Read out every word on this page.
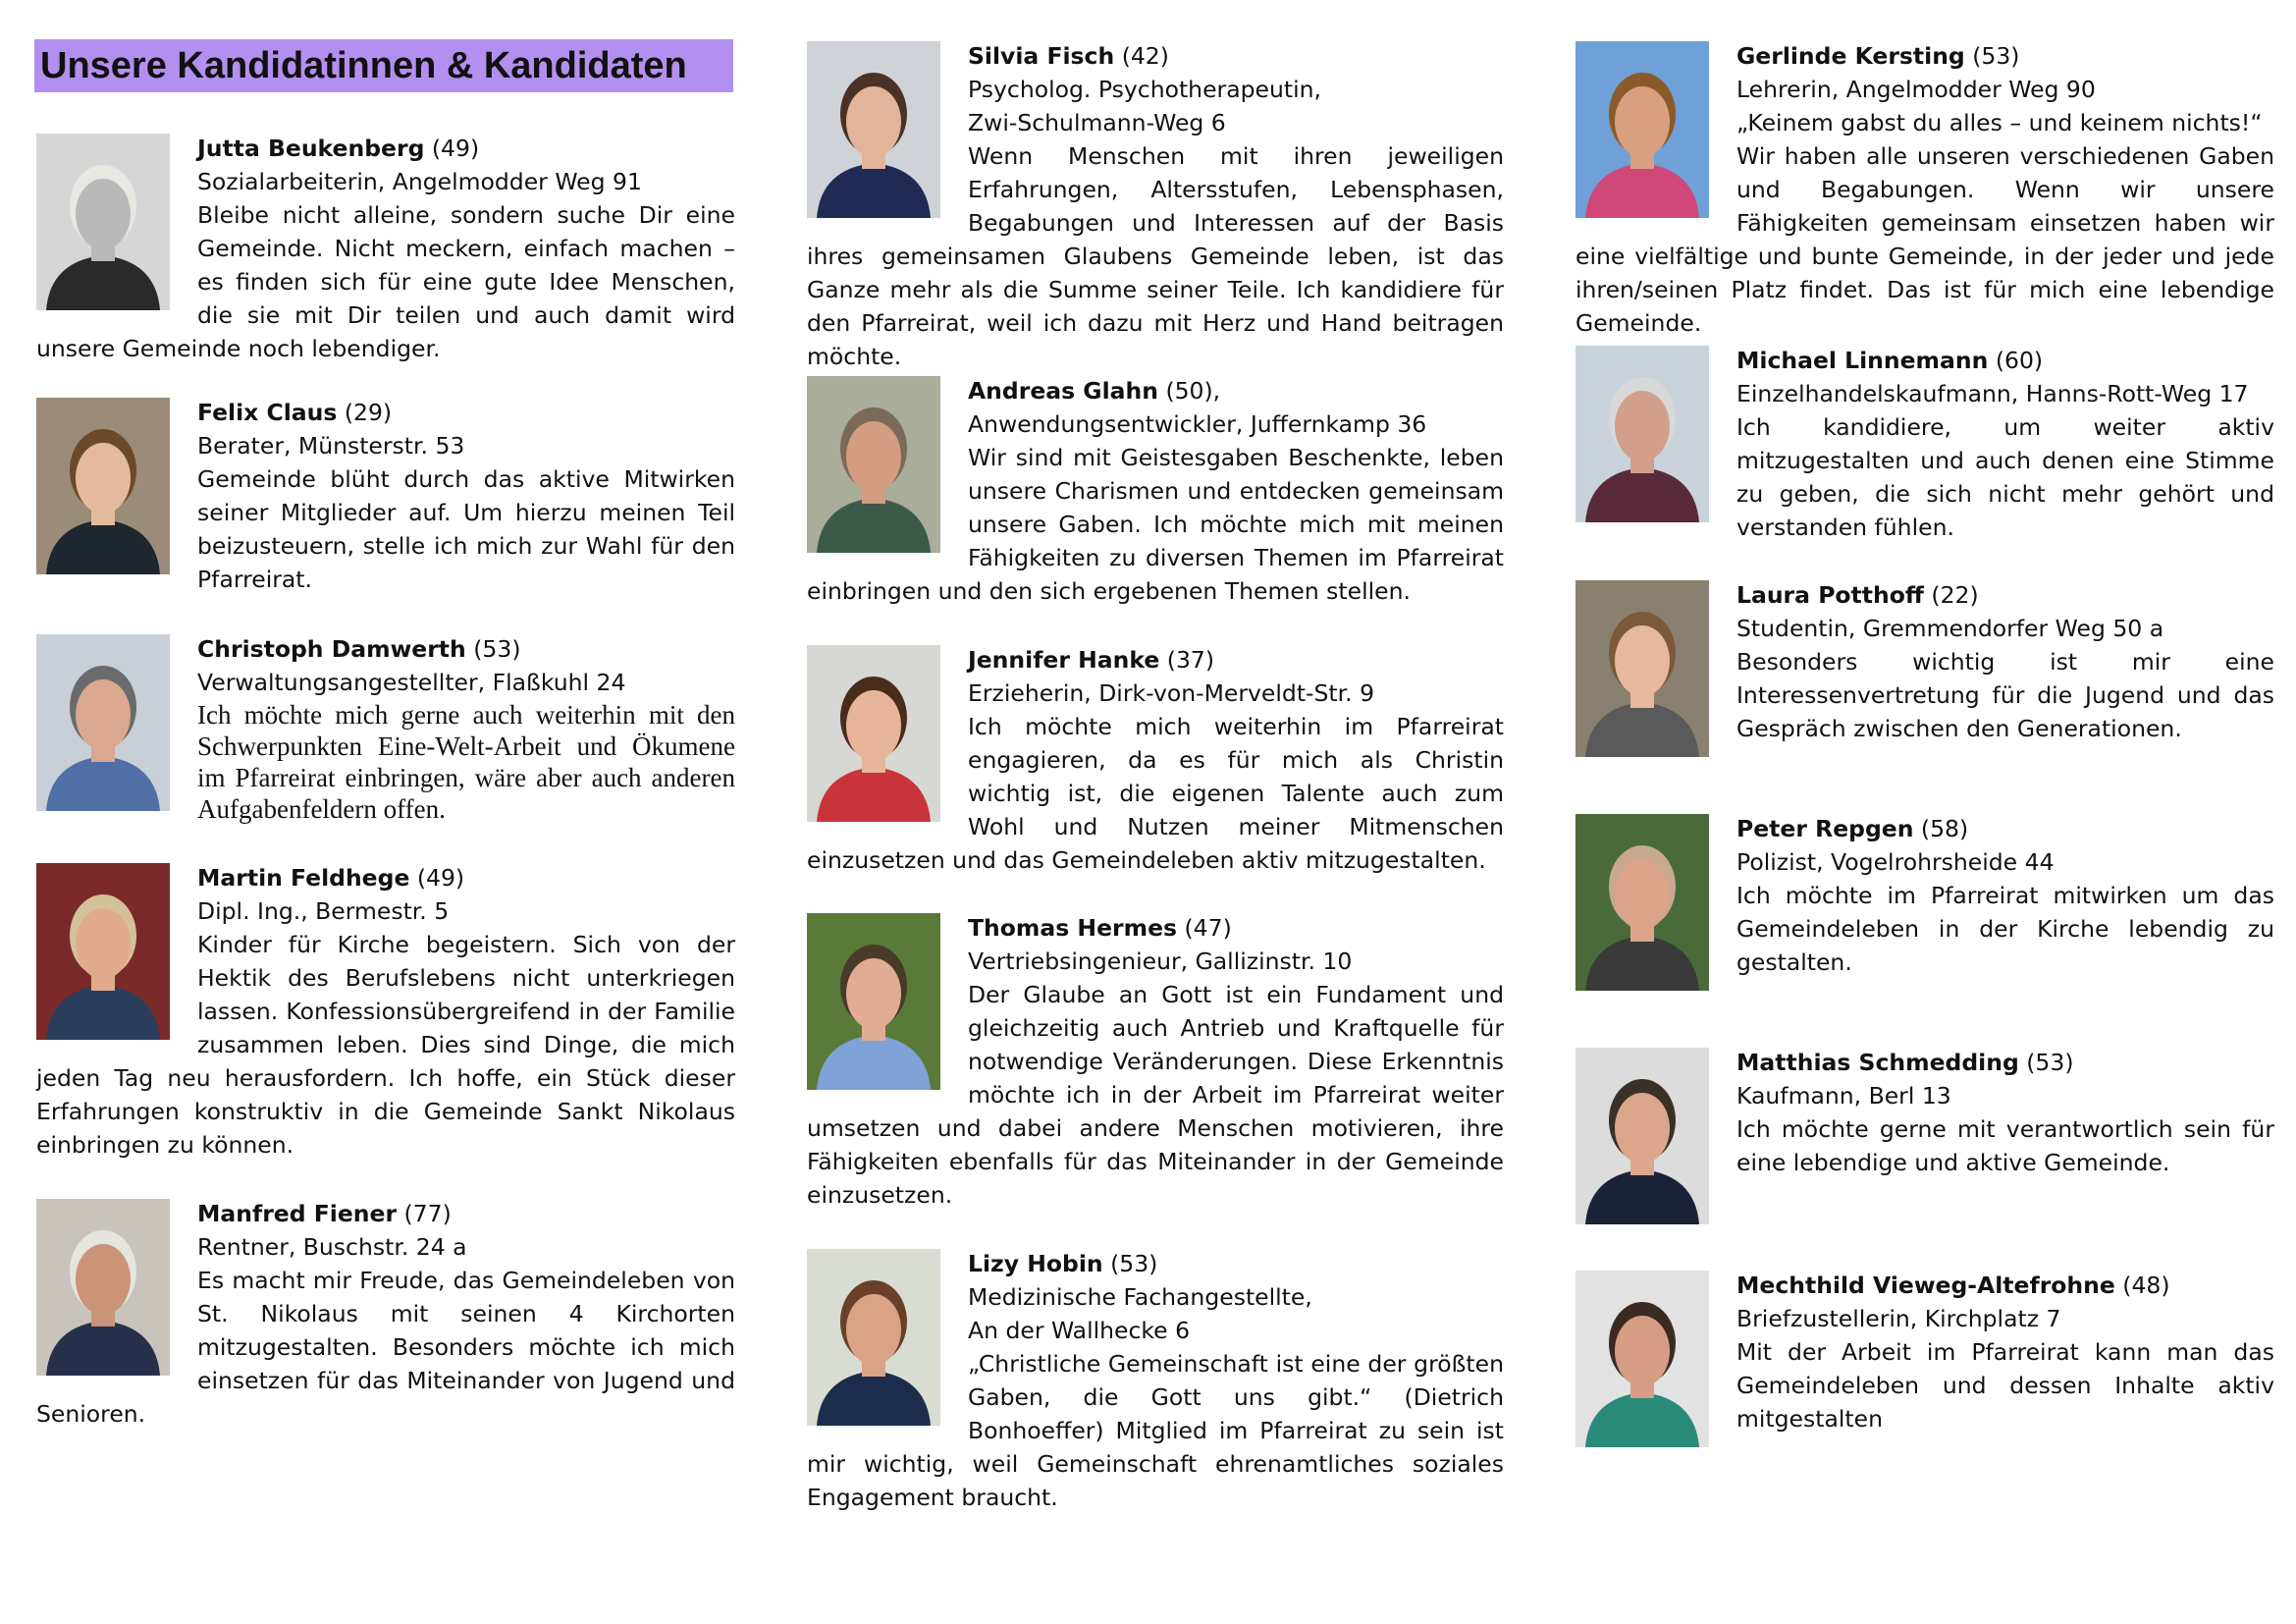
Unsere Kandidatinnen & Kandidaten

Jutta Beukenberg (49)

Sozialarbeiterin, Angelmodder Weg 91

Bleibe nicht alleine, sondern suche Dir eine Gemeinde. Nicht meckern, einfach machen – es finden sich für eine gute Idee Menschen, die sie mit Dir teilen und auch damit wird unsere Gemeinde noch lebendiger.

Felix Claus (29)

Berater, Münsterstr. 53

Gemeinde blüht durch das aktive Mitwirken seiner Mitglieder auf. Um hierzu meinen Teil beizusteuern, stelle ich mich zur Wahl für den Pfarreirat.

Christoph Damwerth (53)

Verwaltungsangestellter, Flaßkuhl 24

Ich möchte mich gerne auch weiterhin mit den Schwerpunkten Eine-Welt-Arbeit und Ökumene im Pfarreirat einbringen, wäre aber auch anderen Aufgabenfeldern offen.

Martin Feldhege (49)

Dipl. Ing., Bermestr. 5

Kinder für Kirche begeistern. Sich von der Hektik des Berufslebens nicht unterkriegen lassen. Konfessionsübergreifend in der Familie zusammen leben. Dies sind Dinge, die mich jeden Tag neu herausfordern. Ich hoffe, ein Stück dieser Erfahrungen konstruktiv in die Gemeinde Sankt Nikolaus einbringen zu können.

Manfred Fiener (77)

Rentner, Buschstr. 24 a

Es macht mir Freude, das Gemeindeleben von St. Nikolaus mit seinen 4 Kirchorten mitzugestalten. Besonders möchte ich mich einsetzen für das Miteinander von Jugend und Senioren.

Silvia Fisch (42)

Psycholog. Psychotherapeutin,

Zwi-Schulmann-Weg 6

Wenn Menschen mit ihren jeweiligen Erfahrungen, Altersstufen, Lebensphasen, Begabungen und Interessen auf der Basis ihres gemeinsamen Glaubens Gemeinde leben, ist das Ganze mehr als die Summe seiner Teile. Ich kandidiere für den Pfarreirat, weil ich dazu mit Herz und Hand beitragen möchte.

Andreas Glahn (50),

Anwendungsentwickler, Juffernkamp 36

Wir sind mit Geistesgaben Beschenkte, leben unsere Charismen und entdecken gemeinsam unsere Gaben. Ich möchte mich mit meinen Fähigkeiten zu diversen Themen im Pfarreirat einbringen und den sich ergebenen Themen stellen.

Jennifer Hanke (37)

Erzieherin, Dirk-von-Merveldt-Str. 9

Ich möchte mich weiterhin im Pfarreirat engagieren, da es für mich als Christin wichtig ist, die eigenen Talente auch zum Wohl und Nutzen meiner Mitmenschen einzusetzen und das Gemeindeleben aktiv mitzugestalten.

Thomas Hermes (47)

Vertriebsingenieur, Gallizinstr. 10

Der Glaube an Gott ist ein Fundament und gleichzeitig auch Antrieb und Kraftquelle für notwendige Veränderungen. Diese Erkenntnis möchte ich in der Arbeit im Pfarreirat weiter umsetzen und dabei andere Menschen motivieren, ihre Fähigkeiten ebenfalls für das Miteinander in der Gemeinde einzusetzen.

Lizy Hobin (53)

Medizinische Fachangestellte,

An der Wallhecke 6

„Christliche Gemeinschaft ist eine der größten Gaben, die Gott uns gibt.“ (Dietrich Bonhoeffer) Mitglied im Pfarreirat zu sein ist mir wichtig, weil Gemeinschaft ehrenamtliches soziales Engagement braucht.

Gerlinde Kersting (53)

Lehrerin, Angelmodder Weg 90

„Keinem gabst du alles – und keinem nichts!“

Wir haben alle unseren verschiedenen Gaben und Begabungen. Wenn wir unsere Fähigkeiten gemeinsam einsetzen haben wir eine vielfältige und bunte Gemeinde, in der jeder und jede ihren/seinen Platz findet. Das ist für mich eine lebendige Gemeinde.

Michael Linnemann (60)

Einzelhandelskaufmann, Hanns-Rott-Weg 17

Ich kandidiere, um weiter aktiv mitzugestalten und auch denen eine Stimme zu geben, die sich nicht mehr gehört und verstanden fühlen.

Laura Potthoff (22)

Studentin, Gremmendorfer Weg 50 a

Besonders wichtig ist mir eine Interessenvertretung für die Jugend und das Gespräch zwischen den Generationen.

Peter Repgen (58)

Polizist, Vogelrohrsheide 44

Ich möchte im Pfarreirat mitwirken um das Gemeindeleben in der Kirche lebendig zu gestalten.

Matthias Schmedding (53)

Kaufmann, Berl 13

Ich möchte gerne mit verantwortlich sein für eine lebendige und aktive Gemeinde.

Mechthild Vieweg-Altefrohne (48)

Briefzustellerin, Kirchplatz 7

Mit der Arbeit im Pfarreirat kann man das Gemeindeleben und dessen Inhalte aktiv mitgestalten
